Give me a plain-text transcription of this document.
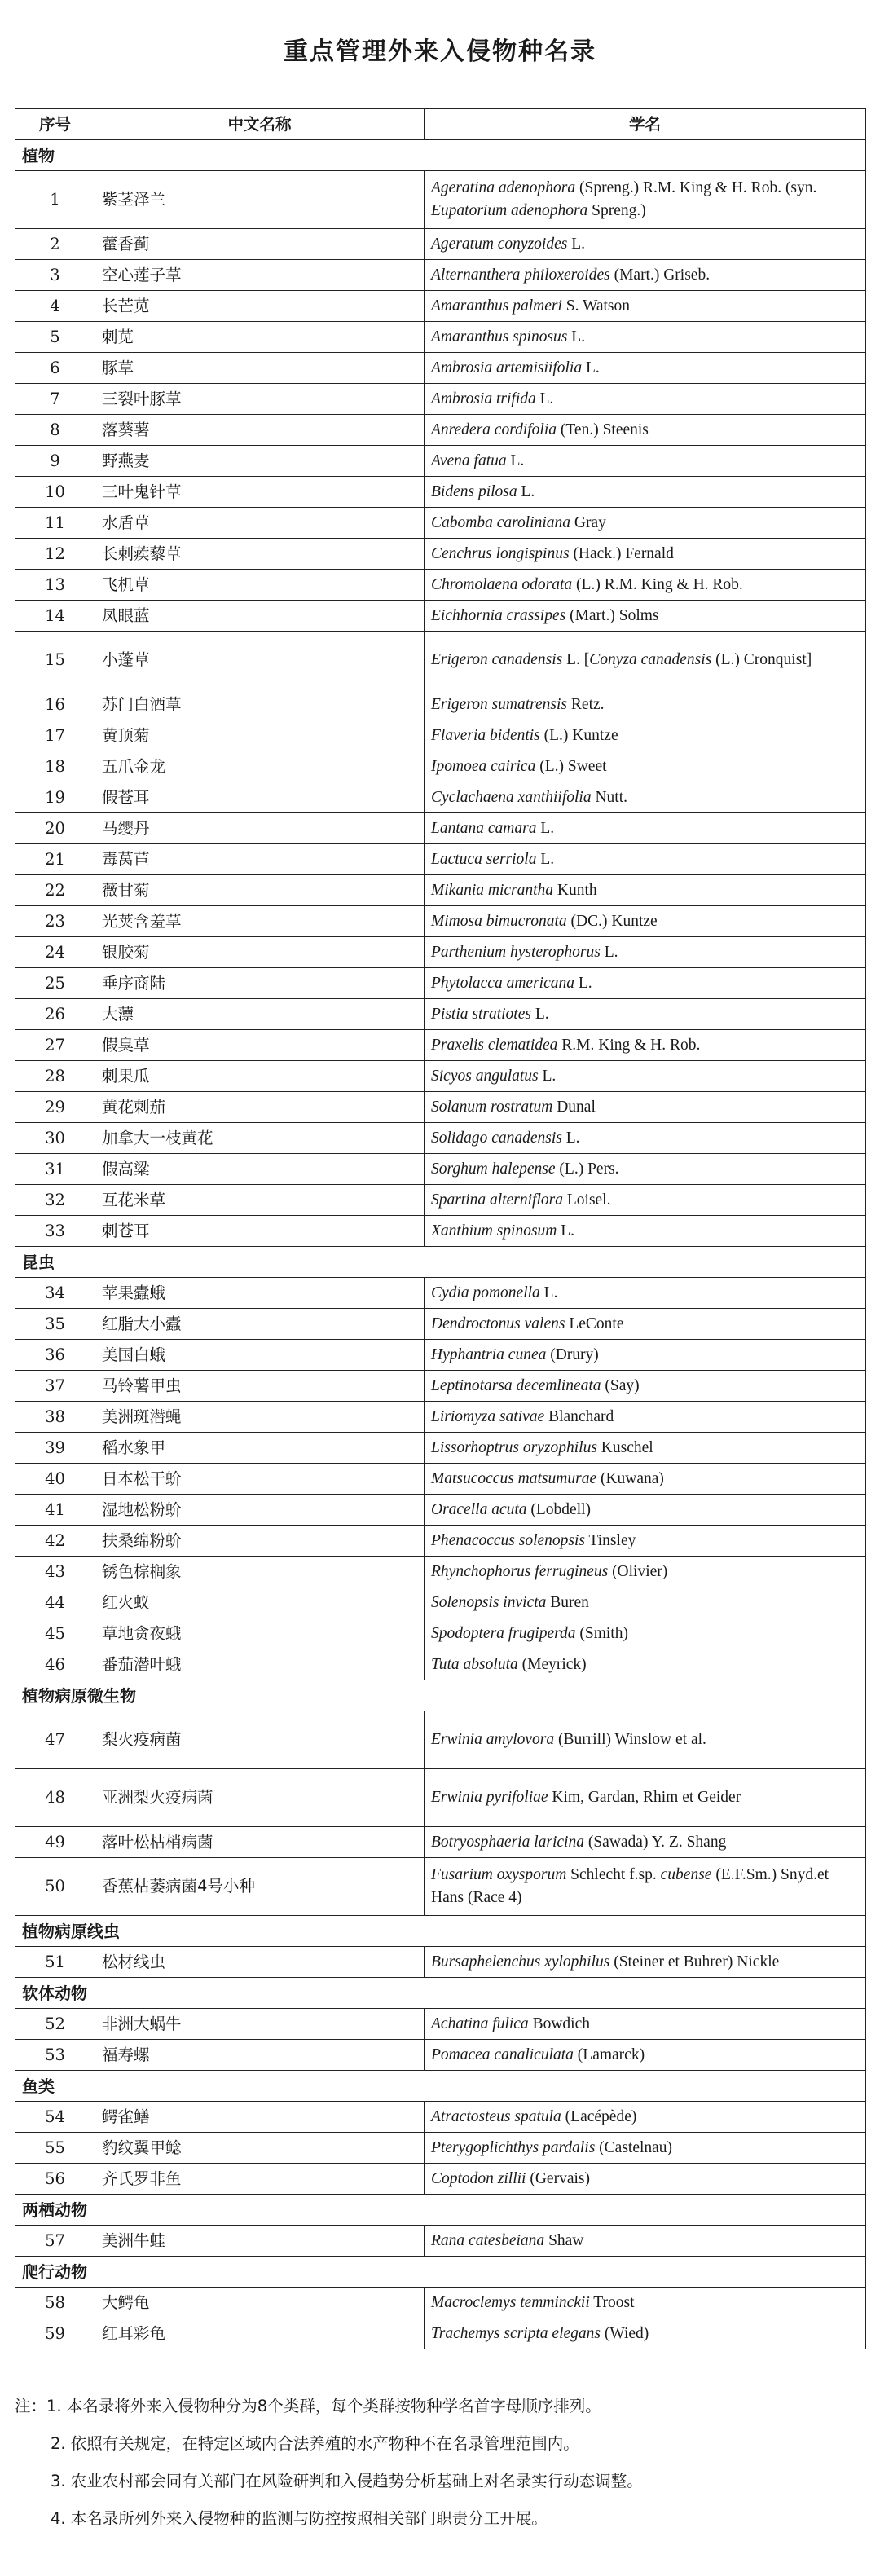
重点管理外来入侵物种名录
序号	中文名称	学名
植物		
1	紫茎泽兰	Ageratina adenophora (Spreng.) R.M. King & H. Rob. (syn. Eupatorium adenophora Spreng.)
2	藿香蓟	Ageratum conyzoides L.
3	空心莲子草	Alternanthera philoxeroides (Mart.) Griseb.
4	长芒苋	Amaranthus palmeri S. Watson
5	刺苋	Amaranthus spinosus L.
6	豚草	Ambrosia artemisiifolia L.
7	三裂叶豚草	Ambrosia trifida L.
8	落葵薯	Anredera cordifolia (Ten.) Steenis
9	野燕麦	Avena fatua L.
10	三叶鬼针草	Bidens pilosa L.
11	水盾草	Cabomba caroliniana Gray
12	长刺蒺藜草	Cenchrus longispinus (Hack.) Fernald
13	飞机草	Chromolaena odorata (L.) R.M. King & H. Rob.
14	凤眼蓝	Eichhornia crassipes (Mart.) Solms
15	小蓬草	Erigeron canadensis L. [Conyza canadensis (L.) Cronquist]
16	苏门白酒草	Erigeron sumatrensis Retz.
17	黄顶菊	Flaveria bidentis (L.) Kuntze
18	五爪金龙	Ipomoea cairica (L.) Sweet
19	假苍耳	Cyclachaena xanthiifolia Nutt.
20	马缨丹	Lantana camara L.
21	毒莴苣	Lactuca serriola L.
22	薇甘菊	Mikania micrantha Kunth
23	光荚含羞草	Mimosa bimucronata (DC.) Kuntze
24	银胶菊	Parthenium hysterophorus L.
25	垂序商陆	Phytolacca americana L.
26	大薸	Pistia stratiotes L.
27	假臭草	Praxelis clematidea R.M. King & H. Rob.
28	刺果瓜	Sicyos angulatus L.
29	黄花刺茄	Solanum rostratum Dunal
30	加拿大一枝黄花	Solidago canadensis L.
31	假高粱	Sorghum halepense (L.) Pers.
32	互花米草	Spartina alterniflora Loisel.
33	刺苍耳	Xanthium spinosum L.
昆虫		
34	苹果蠹蛾	Cydia pomonella L.
35	红脂大小蠹	Dendroctonus valens LeConte
36	美国白蛾	Hyphantria cunea (Drury)
37	马铃薯甲虫	Leptinotarsa decemlineata (Say)
38	美洲斑潜蝇	Liriomyza sativae Blanchard
39	稻水象甲	Lissorhoptrus oryzophilus Kuschel
40	日本松干蚧	Matsucoccus matsumurae (Kuwana)
41	湿地松粉蚧	Oracella acuta (Lobdell)
42	扶桑绵粉蚧	Phenacoccus solenopsis Tinsley
43	锈色棕榈象	Rhynchophorus ferrugineus (Olivier)
44	红火蚁	Solenopsis invicta Buren
45	草地贪夜蛾	Spodoptera frugiperda (Smith)
46	番茄潜叶蛾	Tuta absoluta (Meyrick)
植物病原微生物		
47	梨火疫病菌	Erwinia amylovora (Burrill) Winslow et al.
48	亚洲梨火疫病菌	Erwinia pyrifoliae Kim, Gardan, Rhim et Geider
49	落叶松枯梢病菌	Botryosphaeria laricina (Sawada) Y. Z. Shang
50	香蕉枯萎病菌4号小种	Fusarium oxysporum Schlecht f.sp. cubense (E.F.Sm.) Snyd.et Hans (Race 4)
植物病原线虫		
51	松材线虫	Bursaphelenchus xylophilus (Steiner et Buhrer) Nickle
软体动物		
52	非洲大蜗牛	Achatina fulica Bowdich
53	福寿螺	Pomacea canaliculata (Lamarck)
鱼类		
54	鳄雀鳝	Atractosteus spatula (Lacépède)
55	豹纹翼甲鲶	Pterygoplichthys pardalis (Castelnau)
56	齐氏罗非鱼	Coptodon zillii (Gervais)
两栖动物		
57	美洲牛蛙	Rana catesbeiana Shaw
爬行动物		
58	大鳄龟	Macroclemys temminckii Troost
59	红耳彩龟	Trachemys scripta elegans (Wied)
注：1. 本名录将外来入侵物种分为8个类群，每个类群按物种学名首字母顺序排列。
2. 依照有关规定，在特定区域内合法养殖的水产物种不在名录管理范围内。
3. 农业农村部会同有关部门在风险研判和入侵趋势分析基础上对名录实行动态调整。
4. 本名录所列外来入侵物种的监测与防控按照相关部门职责分工开展。
